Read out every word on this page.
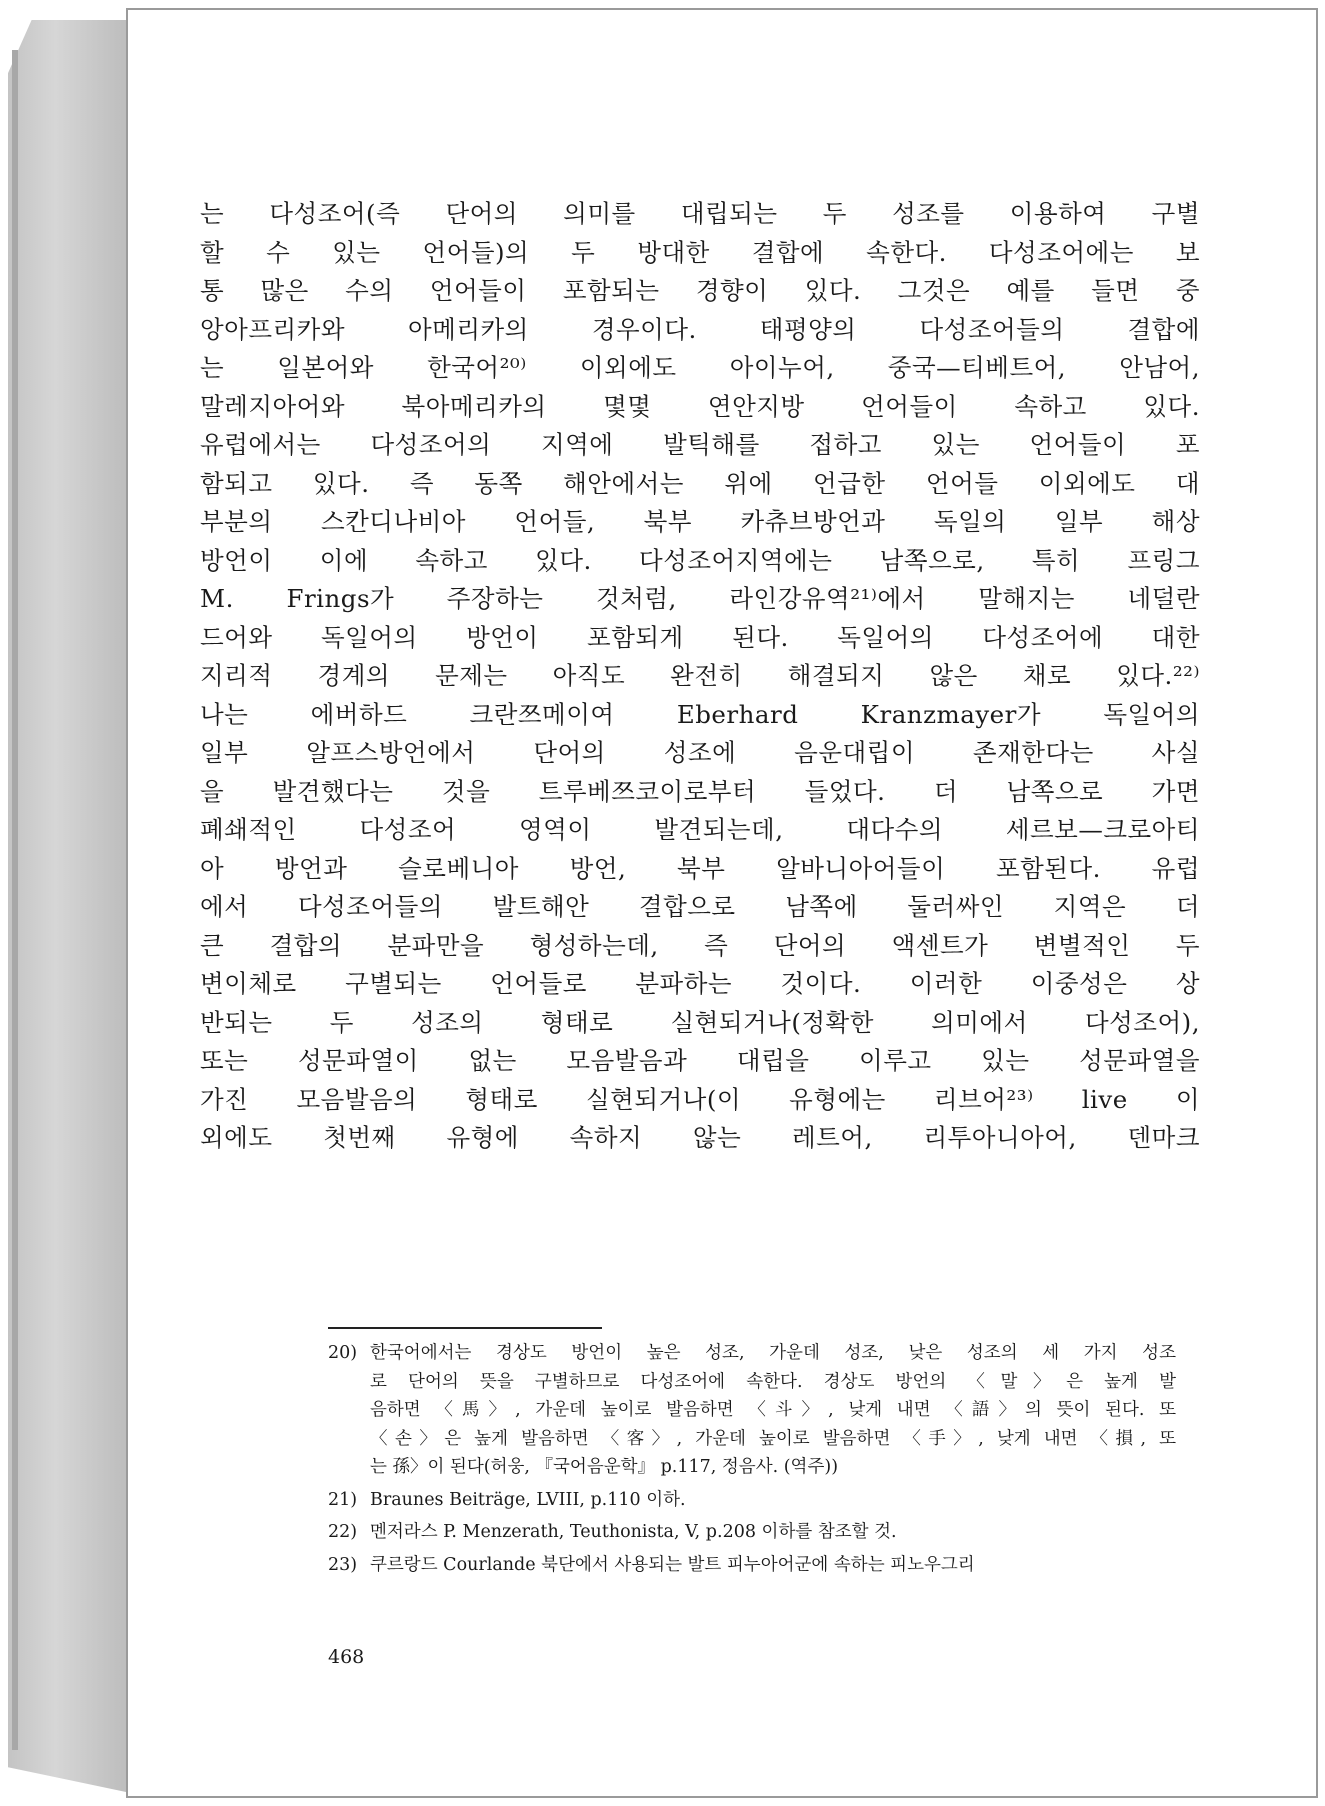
는 다성조어(즉 단어의 의미를 대립되는 두 성조를 이용하여 구별
할 수 있는 언어들)의 두 방대한 결합에 속한다. 다성조어에는 보
통 많은 수의 언어들이 포함되는 경향이 있다. 그것은 예를 들면 중
앙아프리카와 아메리카의 경우이다. 태평양의 다성조어들의 결합에
는 일본어와 한국어²⁰⁾ 이외에도 아이누어, 중국—티베트어, 안남어,
말레지아어와 북아메리카의 몇몇 연안지방 언어들이 속하고 있다.
유럽에서는 다성조어의 지역에 발틱해를 접하고 있는 언어들이 포
함되고 있다. 즉 동쪽 해안에서는 위에 언급한 언어들 이외에도 대
부분의 스칸디나비아 언어들, 북부 카츄브방언과 독일의 일부 해상
방언이 이에 속하고 있다. 다성조어지역에는 남쪽으로, 특히 프링그
M. Frings가 주장하는 것처럼, 라인강유역²¹⁾에서 말해지는 네덜란
드어와 독일어의 방언이 포함되게 된다. 독일어의 다성조어에 대한
지리적 경계의 문제는 아직도 완전히 해결되지 않은 채로 있다.²²⁾
나는 에버하드 크란쯔메이여 Eberhard Kranzmayer가 독일어의
일부 알프스방언에서 단어의 성조에 음운대립이 존재한다는 사실
을 발견했다는 것을 트루베쯔코이로부터 들었다. 더 남쪽으로 가면
폐쇄적인 다성조어 영역이 발견되는데, 대다수의 세르보—크로아티
아 방언과 슬로베니아 방언, 북부 알바니아어들이 포함된다. 유럽
에서 다성조어들의 발트해안 결합으로 남쪽에 둘러싸인 지역은 더
큰 결합의 분파만을 형성하는데, 즉 단어의 액센트가 변별적인 두
변이체로 구별되는 언어들로 분파하는 것이다. 이러한 이중성은 상
반되는 두 성조의 형태로 실현되거나(정확한 의미에서 다성조어),
또는 성문파열이 없는 모음발음과 대립을 이루고 있는 성문파열을
가진 모음발음의 형태로 실현되거나(이 유형에는 리브어²³⁾ live 이
외에도 첫번째 유형에 속하지 않는 레트어, 리투아니아어, 덴마크
20) 한국어에서는 경상도 방언이 높은 성조, 가운데 성조, 낮은 성조의 세 가지 성조
로 단어의 뜻을 구별하므로 다성조어에 속한다. 경상도 방언의 〈말〉은 높게 발
음하면 〈馬〉, 가운데 높이로 발음하면 〈斗〉, 낮게 내면 〈語〉의 뜻이 된다. 또
〈손〉은 높게 발음하면 〈客〉, 가운데 높이로 발음하면 〈手〉, 낮게 내면 〈損, 또
는 孫〉이 된다(허웅, 『국어음운학』 p.117, 정음사. (역주))
21) Braunes Beiträge, LVIII, p.110 이하.
22) 멘저라스 P. Menzerath, Teuthonista, V, p.208 이하를 참조할 것.
23) 쿠르랑드 Courlande 북단에서 사용되는 발트 피누아어군에 속하는 피노우그리
468
